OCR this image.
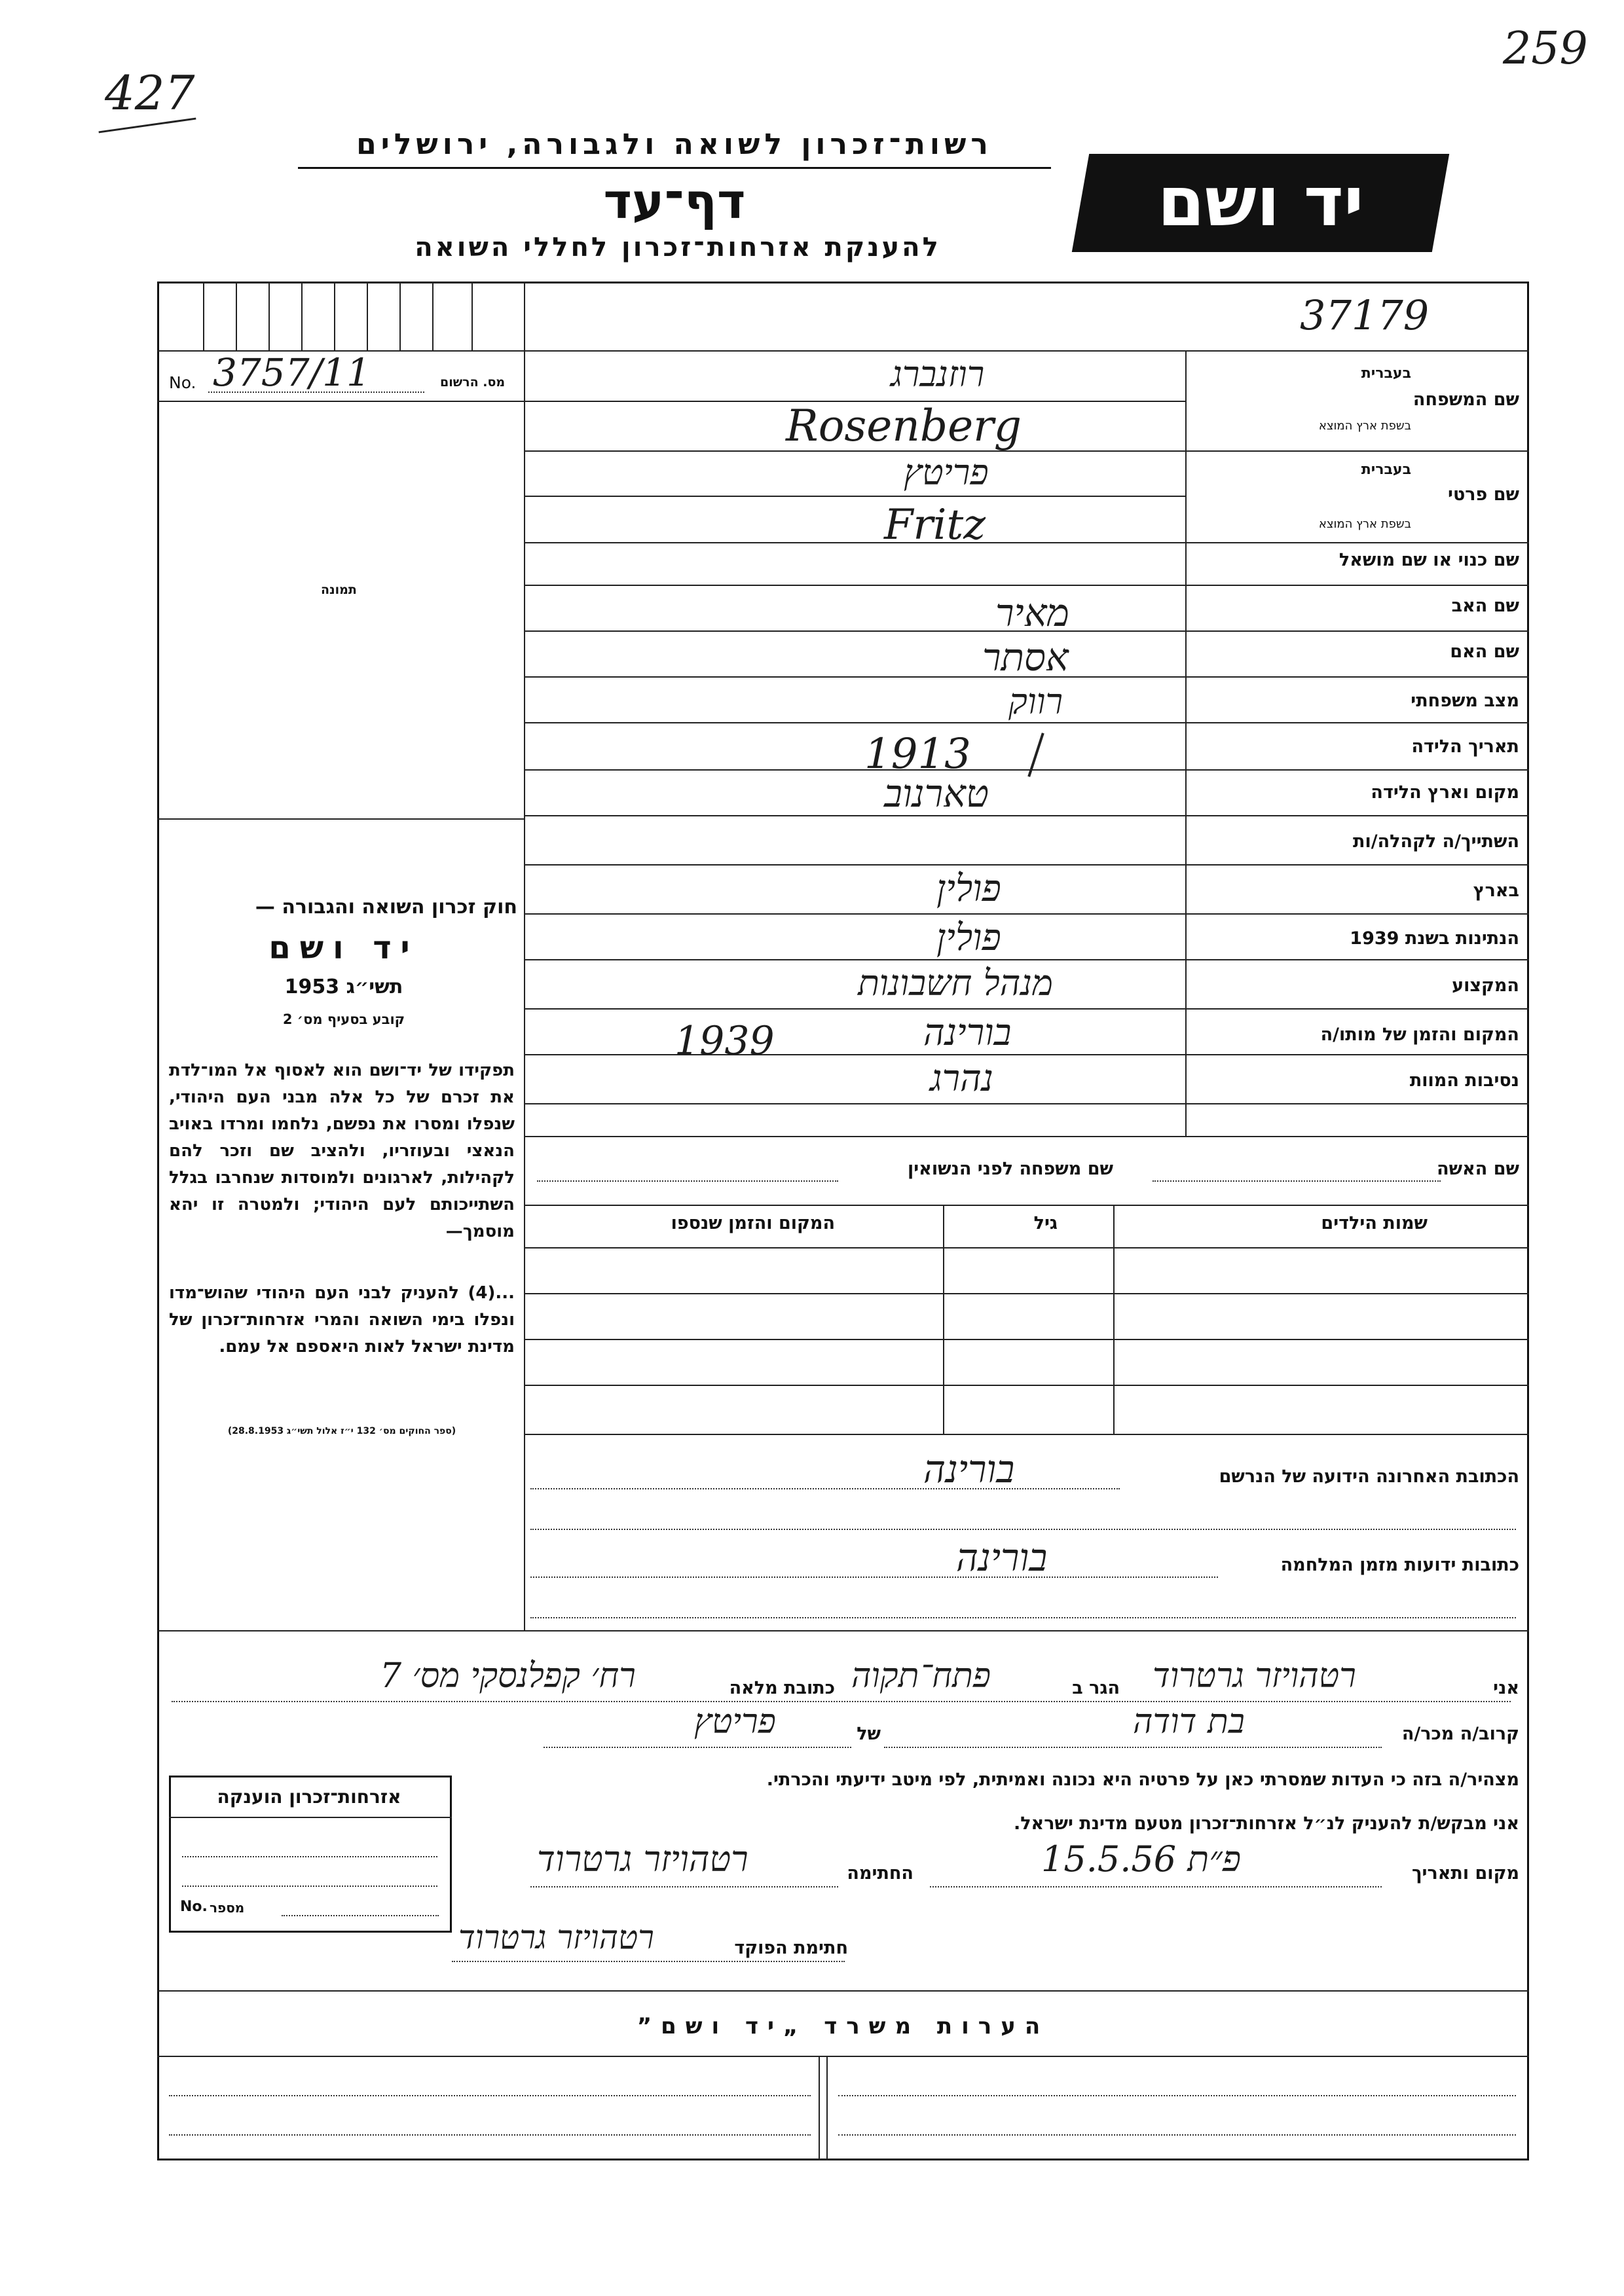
427
259
רשות־זכרון לשואה ולגבורה, ירושלים
דף־עד
להענקת אזרחות־זכרון לחללי השואה
יד ושם
37179
No. 3757/11	מס. הרשום
תמונה
חוק זכרון השואה והגבורה —
יד ושם
תשי״ג 1953
קובע בסעיף מס׳ 2
תפקידו של יד־ושם הוא לאסוף אל המו־לדת את זכרם של כל אלה מבני העם היהודי, שנפלו ומסרו את נפשם, נלחמו ומרדו באויב הנאצי ובעוזריו, ולהציב שם וזכר להם לקהילות, לארגונים ולמוסדות שנחרבו בגלל השתייכותם לעם היהודי; ולמטרה זו יהא מוסמך—
...(4) להעניק לבני העם היהודי שהוש־מדו ונפלו בימי השואה והמרי אזרחות־זכרון של מדינת ישראל לאות היאספם אל עמם.
(ספר החוקים מס׳ 132 י״ז אלול תשי״ג 28.8.1953)
שם המשפחה
בעברית
בשפת ארץ המוצא
רוזנברג
Rosenberg
שם פרטי
בעברית
בשפת ארץ המוצא
פריטץ
Fritz
שם כנוי או שם מושאל
שם האב
מאיר
שם האם
אסתר
מצב משפחתי
רווק
תאריך הלידה
1913
מקום וארץ הלידה
טארנוב
השתייך/ה לקהלה/ות
בארץ
פולין
הנתינות בשנת 1939
פולין
המקצוע
מנהל חשבונות
המקום והזמן של מותו/ה
בורינה
1939
נסיבות המוות
נהרג
שם האשה
שם משפחה לפני הנשואין
שמות הילדים
גיל
המקום והזמן שנספו
הכתובת האחרונה הידועה של הנרשם
בורינה
כתובות ידועות מזמן המלחמה
בורינה
אני
רטהויזר גרטרוד
הגר ב
פתח־תקוה
כתובת מלאה
רח׳ קפלנסקי מס׳ 7
קרוב/ה מכר/ה
בת דודה
של
פריטץ
מצהיר/ה בזה כי העדות שמסרתי כאן על פרטיה היא נכונה ואמיתית, לפי מיטב ידיעתי והכרתי.
אני מבקש/ת להעניק לנ״ל אזרחות־זכרון מטעם מדינת ישראל.
מקום ותאריך
פ״ת 15.5.56
החתימה
רטהויזר גרטרוד
חתימת הפוקד
רטהויזר גרטרוד
אזרחות־זכרון הוענקה
No. מספר
הערות משרד „יד ושם”
